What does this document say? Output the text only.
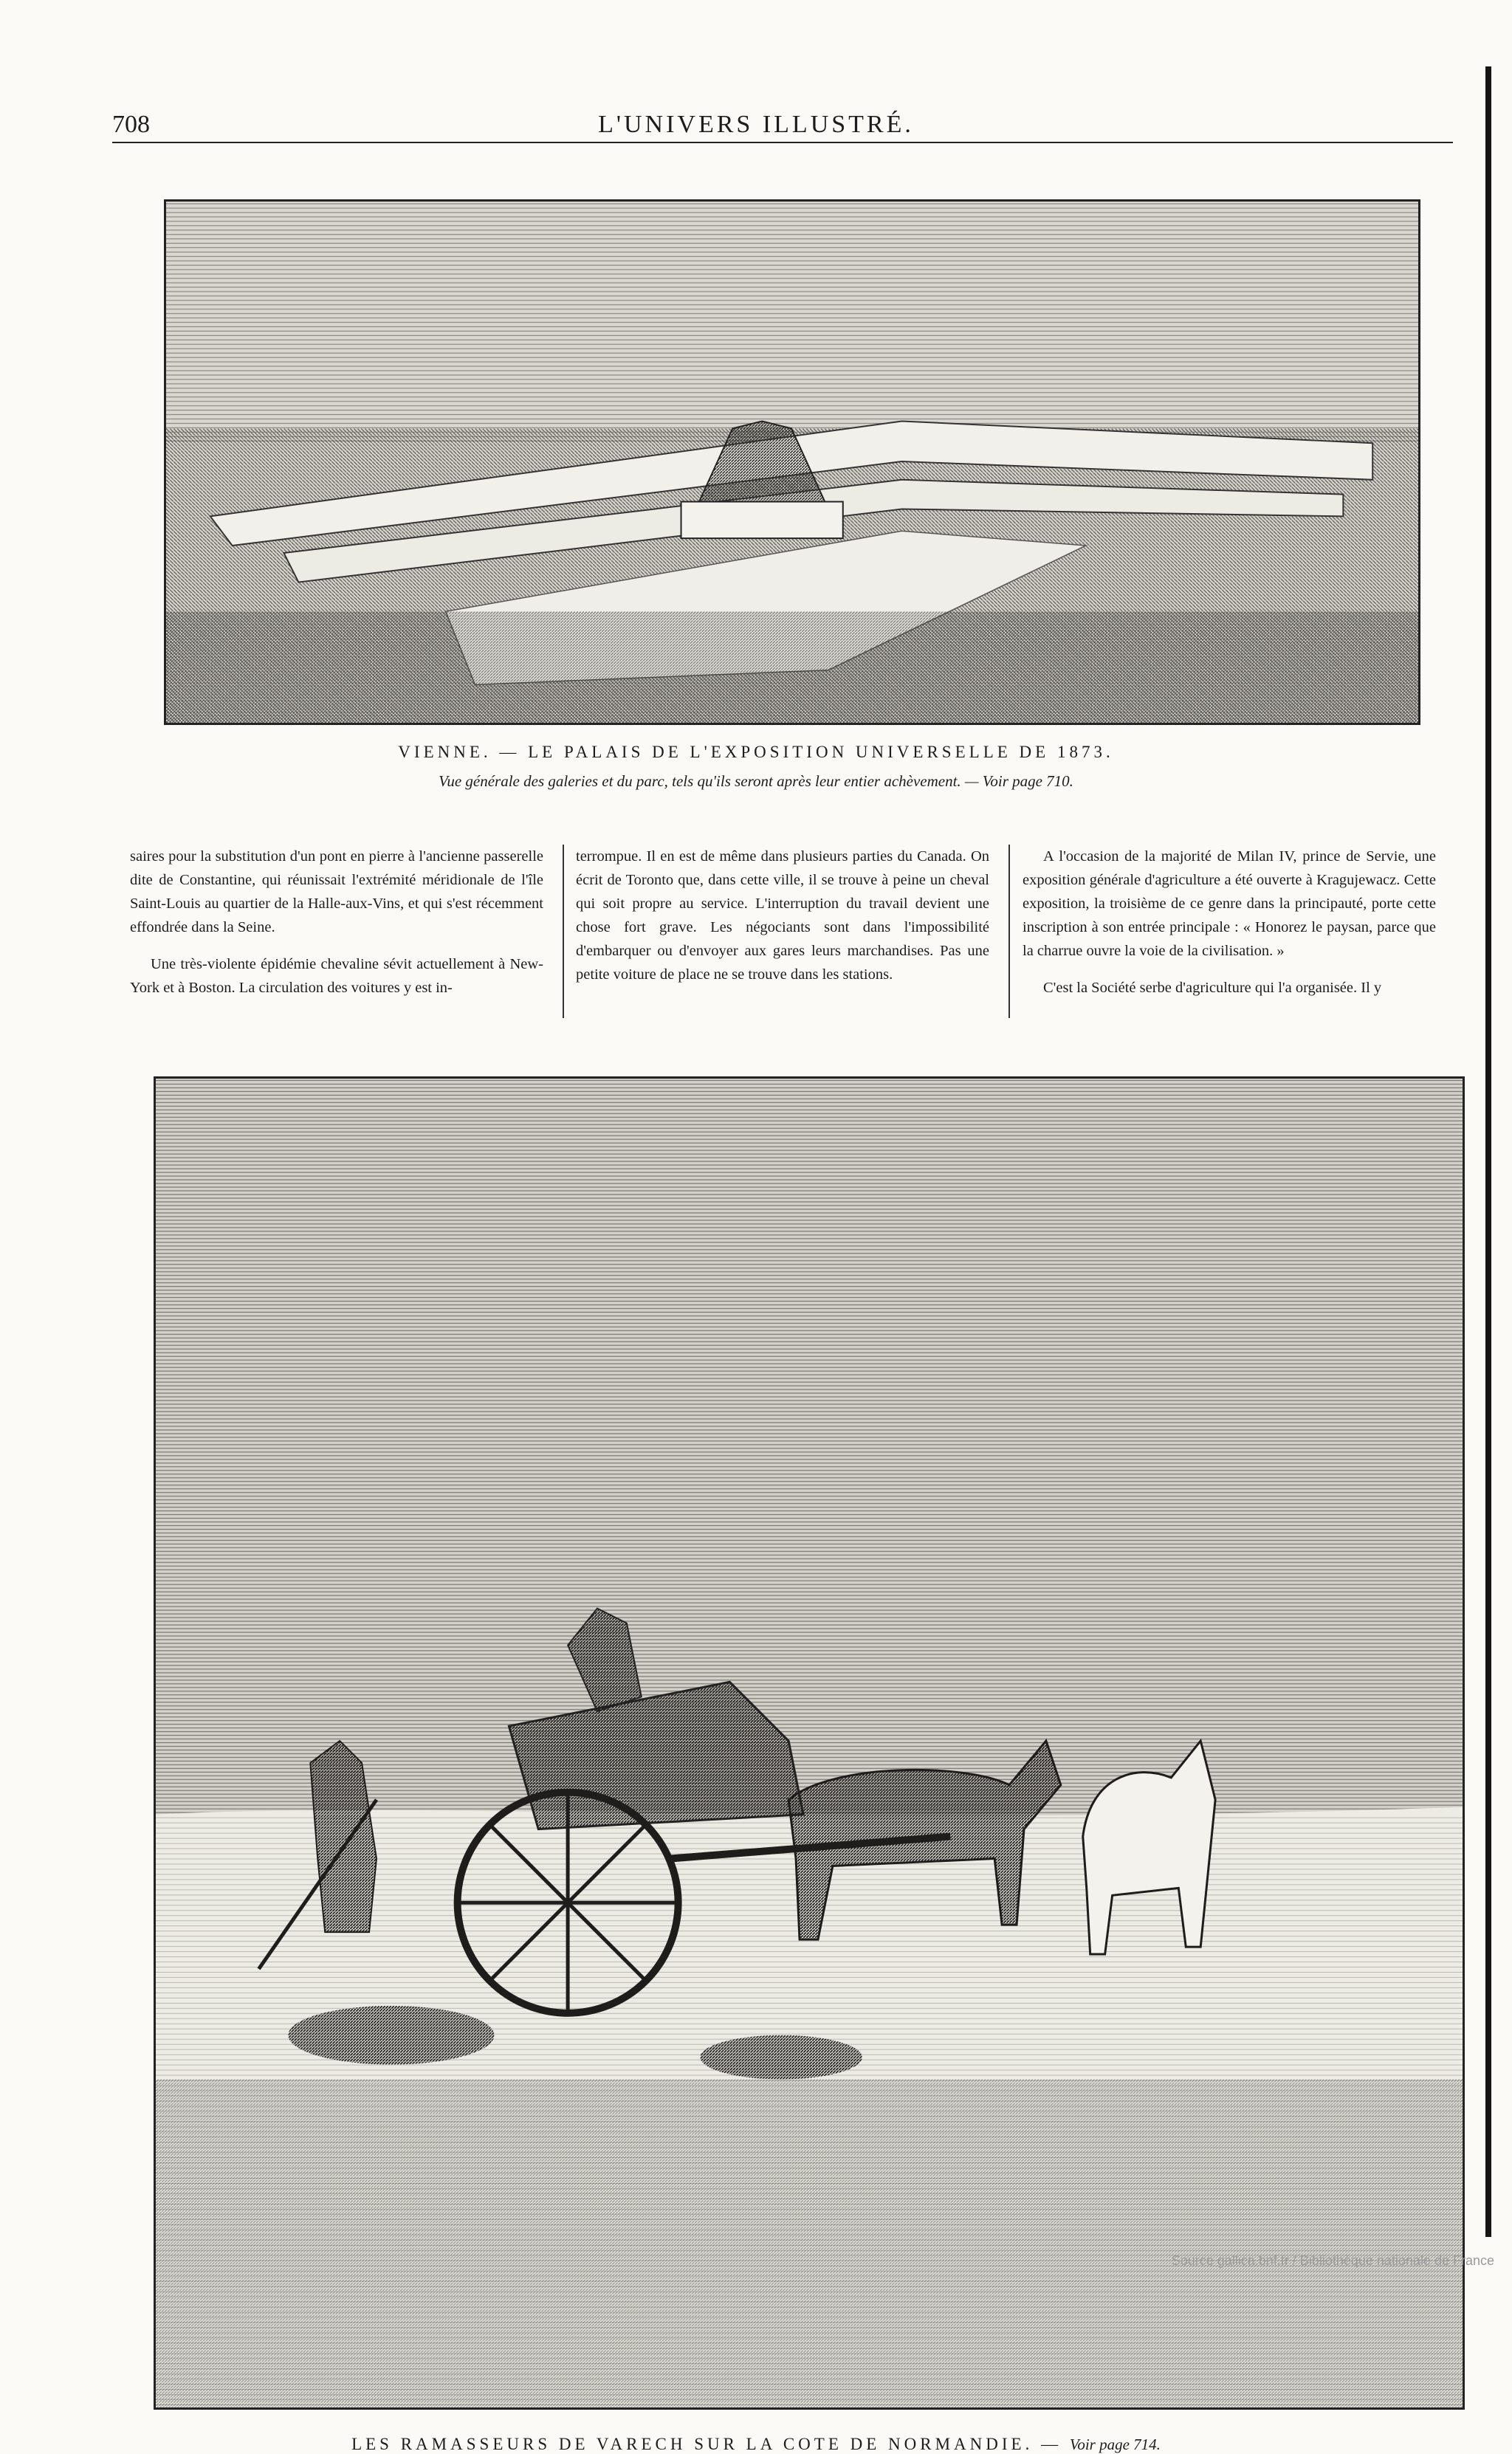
708	L'UNIVERS ILLUSTRÉ.
VIENNE. — LE PALAIS DE L'EXPOSITION UNIVERSELLE DE 1873.
Vue générale des galeries et du parc, tels qu'ils seront après leur entier achèvement. — Voir page 710.

saires pour la substitution d'un pont en pierre à l'ancienne passerelle dite de Constantine, qui réunissait l'extrémité méridionale de l'île Saint-Louis au quartier de la Halle-aux-Vins, et qui s'est récemment effondrée dans la Seine.

Une très-violente épidémie chevaline sévit actuellement à New-York et à Boston. La circulation des voitures y est in-

terrompue. Il en est de même dans plusieurs parties du Canada. On écrit de Toronto que, dans cette ville, il se trouve à peine un cheval qui soit propre au service. L'interruption du travail devient une chose fort grave. Les négociants sont dans l'impossibilité d'embarquer ou d'envoyer aux gares leurs marchandises. Pas une petite voiture de place ne se trouve dans les stations.

A l'occasion de la majorité de Milan IV, prince de Servie, une exposition générale d'agriculture a été ouverte à Kragujewacz. Cette exposition, la troisième de ce genre dans la principauté, porte cette inscription à son entrée principale : « Honorez le paysan, parce que la charrue ouvre la voie de la civilisation. »

C'est la Société serbe d'agriculture qui l'a organisée. Il y

LES RAMASSEURS DE VARECH SUR LA COTE DE NORMANDIE. — Voir page 714.
Source gallica.bnf.fr / Bibliothèque nationale de France
